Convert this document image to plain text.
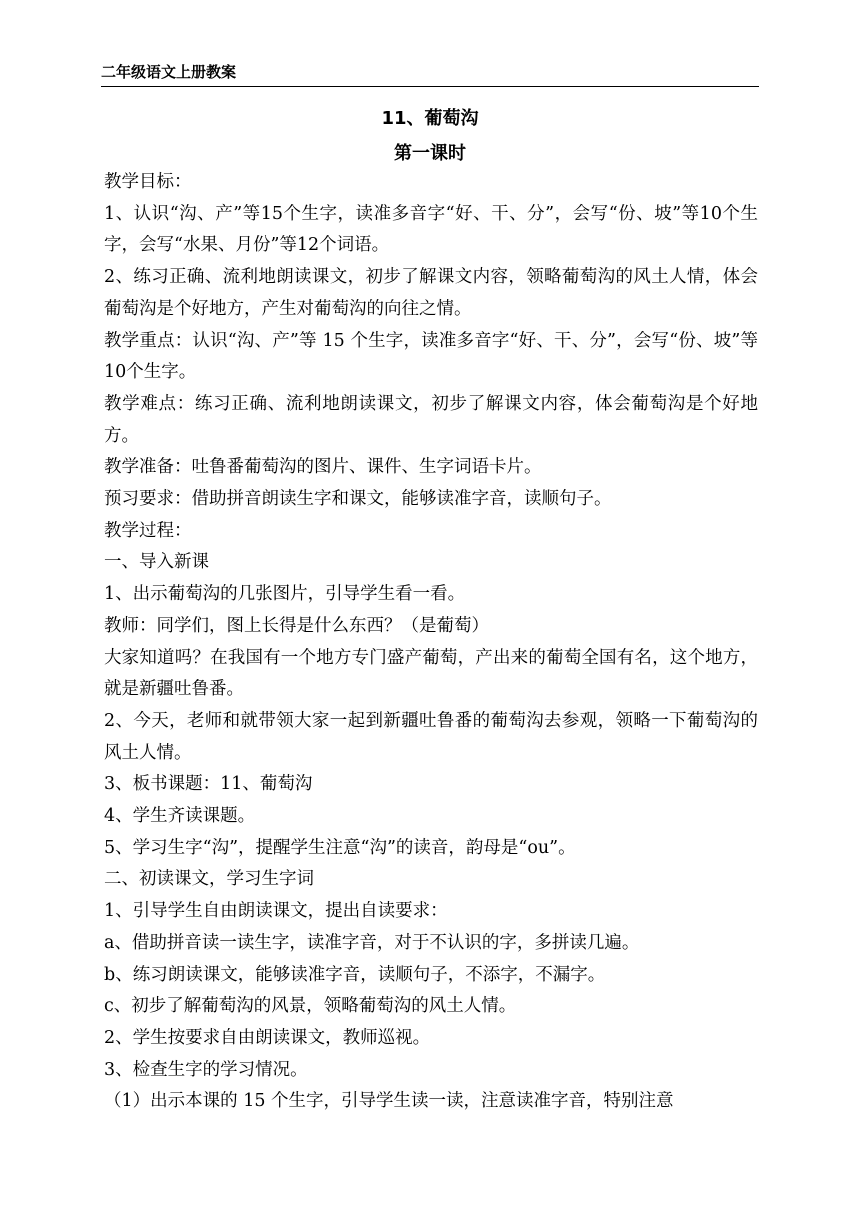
二年级语文上册教案
11、葡萄沟
第一课时

教学目标：

1、认识“沟、产”等15个生字，读准多音字“好、干、分”，会写“份、坡”等10个生字，会写“水果、月份”等12个词语。

2、练习正确、流利地朗读课文，初步了解课文内容，领略葡萄沟的风土人情，体会葡萄沟是个好地方，产生对葡萄沟的向往之情。

教学重点：认识“沟、产”等 15 个生字，读准多音字“好、干、分”，会写“份、坡”等10个生字。

教学难点：练习正确、流利地朗读课文，初步了解课文内容，体会葡萄沟是个好地方。

教学准备：吐鲁番葡萄沟的图片、课件、生字词语卡片。

预习要求：借助拼音朗读生字和课文，能够读准字音，读顺句子。

教学过程：

一、导入新课

1、出示葡萄沟的几张图片，引导学生看一看。

教师：同学们，图上长得是什么东西？（是葡萄）

大家知道吗？在我国有一个地方专门盛产葡萄，产出来的葡萄全国有名，这个地方，就是新疆吐鲁番。

2、今天，老师和就带领大家一起到新疆吐鲁番的葡萄沟去参观，领略一下葡萄沟的风土人情。

3、板书课题：11、葡萄沟

4、学生齐读课题。

5、学习生字“沟”，提醒学生注意“沟”的读音，韵母是“ou”。

二、初读课文，学习生字词

1、引导学生自由朗读课文，提出自读要求：

a、借助拼音读一读生字，读准字音，对于不认识的字，多拼读几遍。

b、练习朗读课文，能够读准字音，读顺句子，不添字，不漏字。

c、初步了解葡萄沟的风景，领略葡萄沟的风土人情。

2、学生按要求自由朗读课文，教师巡视。

3、检查生字的学习情况。

（1）出示本课的 15 个生字，引导学生读一读，注意读准字音，特别注意
